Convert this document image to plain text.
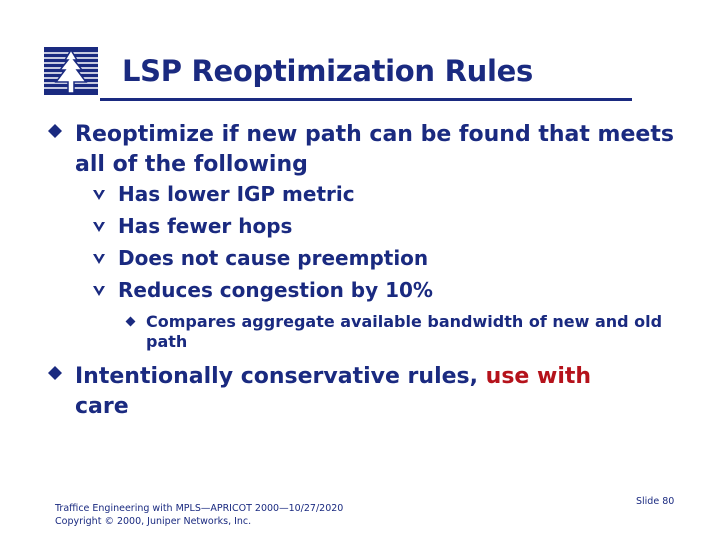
LSP Reoptimization Rules
Reoptimize if new path can be found that meets all of the following
Has lower IGP metric
Has fewer hops
Does not cause preemption
Reduces congestion by 10%
Compares aggregate available bandwidth of new and old path
Intentionally conservative rules, use with
care
Traffice Engineering with MPLS—APRICOT 2000—10/27/2020
Copyright © 2000, Juniper Networks, Inc.
Slide 80
